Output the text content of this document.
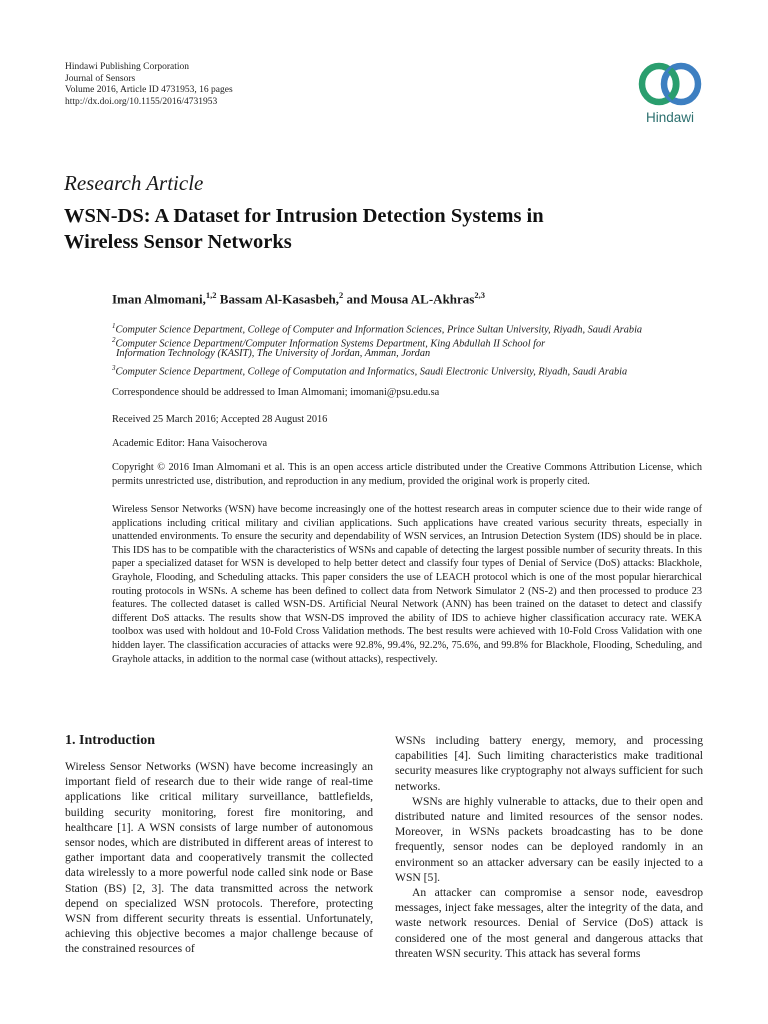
Hindawi Publishing Corporation
Journal of Sensors
Volume 2016, Article ID 4731953, 16 pages
http://dx.doi.org/10.1155/2016/4731953
Hindawi
Research Article
WSN-DS: A Dataset for Intrusion Detection Systems in
Wireless Sensor Networks
Iman Almomani,$^{1,2}$ Bassam Al-Kasasbeh,$^2$ and Mousa AL-Akhras$^{2,3}$
$^1$Computer Science Department, College of Computer and Information Sciences, Prince Sultan University, Riyadh, Saudi Arabia
$^2$Computer Science Department/Computer Information Systems Department, King Abdullah II School for
Information Technology (KASIT), The University of Jordan, Amman, Jordan
$^3$Computer Science Department, College of Computation and Informatics, Saudi Electronic University, Riyadh, Saudi Arabia
Correspondence should be addressed to Iman Almomani; imomani@psu.edu.sa
Received 25 March 2016; Accepted 28 August 2016
Academic Editor: Hana Vaisocherova
Copyright © 2016 Iman Almomani et al. This is an open access article distributed under the Creative Commons Attribution License, which permits unrestricted use, distribution, and reproduction in any medium, provided the original work is properly cited.
Wireless Sensor Networks (WSN) have become increasingly one of the hottest research areas in computer science due to their wide range of applications including critical military and civilian applications. Such applications have created various security threats, especially in unattended environments. To ensure the security and dependability of WSN services, an Intrusion Detection System (IDS) should be in place. This IDS has to be compatible with the characteristics of WSNs and capable of detecting the largest possible number of security threats. In this paper a specialized dataset for WSN is developed to help better detect and classify four types of Denial of Service (DoS) attacks: Blackhole, Grayhole, Flooding, and Scheduling attacks. This paper considers the use of LEACH protocol which is one of the most popular hierarchical routing protocols in WSNs. A scheme has been defined to collect data from Network Simulator 2 (NS-2) and then processed to produce 23 features. The collected dataset is called WSN-DS. Artificial Neural Network (ANN) has been trained on the dataset to detect and classify different DoS attacks. The results show that WSN-DS improved the ability of IDS to achieve higher classification accuracy rate. WEKA toolbox was used with holdout and 10-Fold Cross Validation methods. The best results were achieved with 10-Fold Cross Validation with one hidden layer. The classification accuracies of attacks were 92.8%, 99.4%, 92.2%, 75.6%, and 99.8% for Blackhole, Flooding, Scheduling, and Grayhole attacks, in addition to the normal case (without attacks), respectively.
1. Introduction

Wireless Sensor Networks (WSN) have become increasingly an important field of research due to their wide range of real-time applications like critical military surveillance, battlefields, building security monitoring, forest fire monitoring, and healthcare [1]. A WSN consists of large number of autonomous sensor nodes, which are distributed in different areas of interest to gather important data and cooperatively transmit the collected data wirelessly to a more powerful node called sink node or Base Station (BS) [2, 3]. The data transmitted across the network depend on specialized WSN protocols. Therefore, protecting WSN from different security threats is essential. Unfortunately, achieving this objective becomes a major challenge because of the constrained resources of

WSNs including battery energy, memory, and processing capabilities [4]. Such limiting characteristics make traditional security measures like cryptography not always sufficient for such networks.

WSNs are highly vulnerable to attacks, due to their open and distributed nature and limited resources of the sensor nodes. Moreover, in WSNs packets broadcasting has to be done frequently, sensor nodes can be deployed randomly in an environment so an attacker adversary can be easily injected to a WSN [5].

An attacker can compromise a sensor node, eavesdrop messages, inject fake messages, alter the integrity of the data, and waste network resources. Denial of Service (DoS) attack is considered one of the most general and dangerous attacks that threaten WSN security. This attack has several forms
